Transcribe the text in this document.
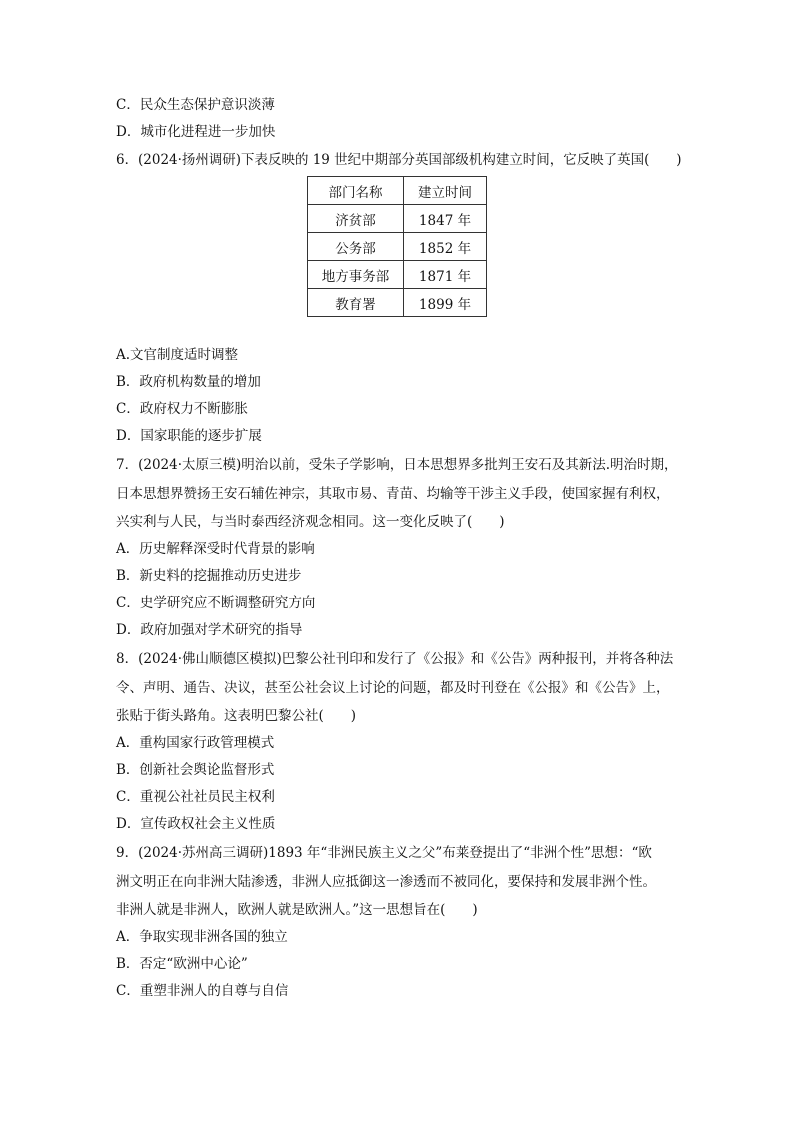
C．民众生态保护意识淡薄
D．城市化进程进一步加快
6．(2024·扬州调研)下表反映的 19 世纪中期部分英国部级机构建立时间，它反映了英国(　　)
部门名称	建立时间
济贫部	1847 年
公务部	1852 年
地方事务部	1871 年
教育署	1899 年
A.文官制度适时调整
B．政府机构数量的增加
C．政府权力不断膨胀
D．国家职能的逐步扩展
7．(2024·太原三模)明治以前，受朱子学影响，日本思想界多批判王安石及其新法.明治时期，
日本思想界赞扬王安石辅佐神宗，其取市易、青苗、均输等干涉主义手段，使国家握有利权，
兴实利与人民，与当时泰西经济观念相同。这一变化反映了(　　)
A．历史解释深受时代背景的影响
B．新史料的挖掘推动历史进步
C．史学研究应不断调整研究方向
D．政府加强对学术研究的指导
8．(2024·佛山顺德区模拟)巴黎公社刊印和发行了《公报》和《公告》两种报刊，并将各种法
令、声明、通告、决议，甚至公社会议上讨论的问题，都及时刊登在《公报》和《公告》上，
张贴于街头路角。这表明巴黎公社(　　)
A．重构国家行政管理模式
B．创新社会舆论监督形式
C．重视公社社员民主权利
D．宣传政权社会主义性质
9．(2024·苏州高三调研)1893 年“非洲民族主义之父”布莱登提出了“非洲个性”思想：“欧
洲文明正在向非洲大陆渗透，非洲人应抵御这一渗透而不被同化，要保持和发展非洲个性。
非洲人就是非洲人，欧洲人就是欧洲人。”这一思想旨在(　　)
A．争取实现非洲各国的独立
B．否定“欧洲中心论”
C．重塑非洲人的自尊与自信
